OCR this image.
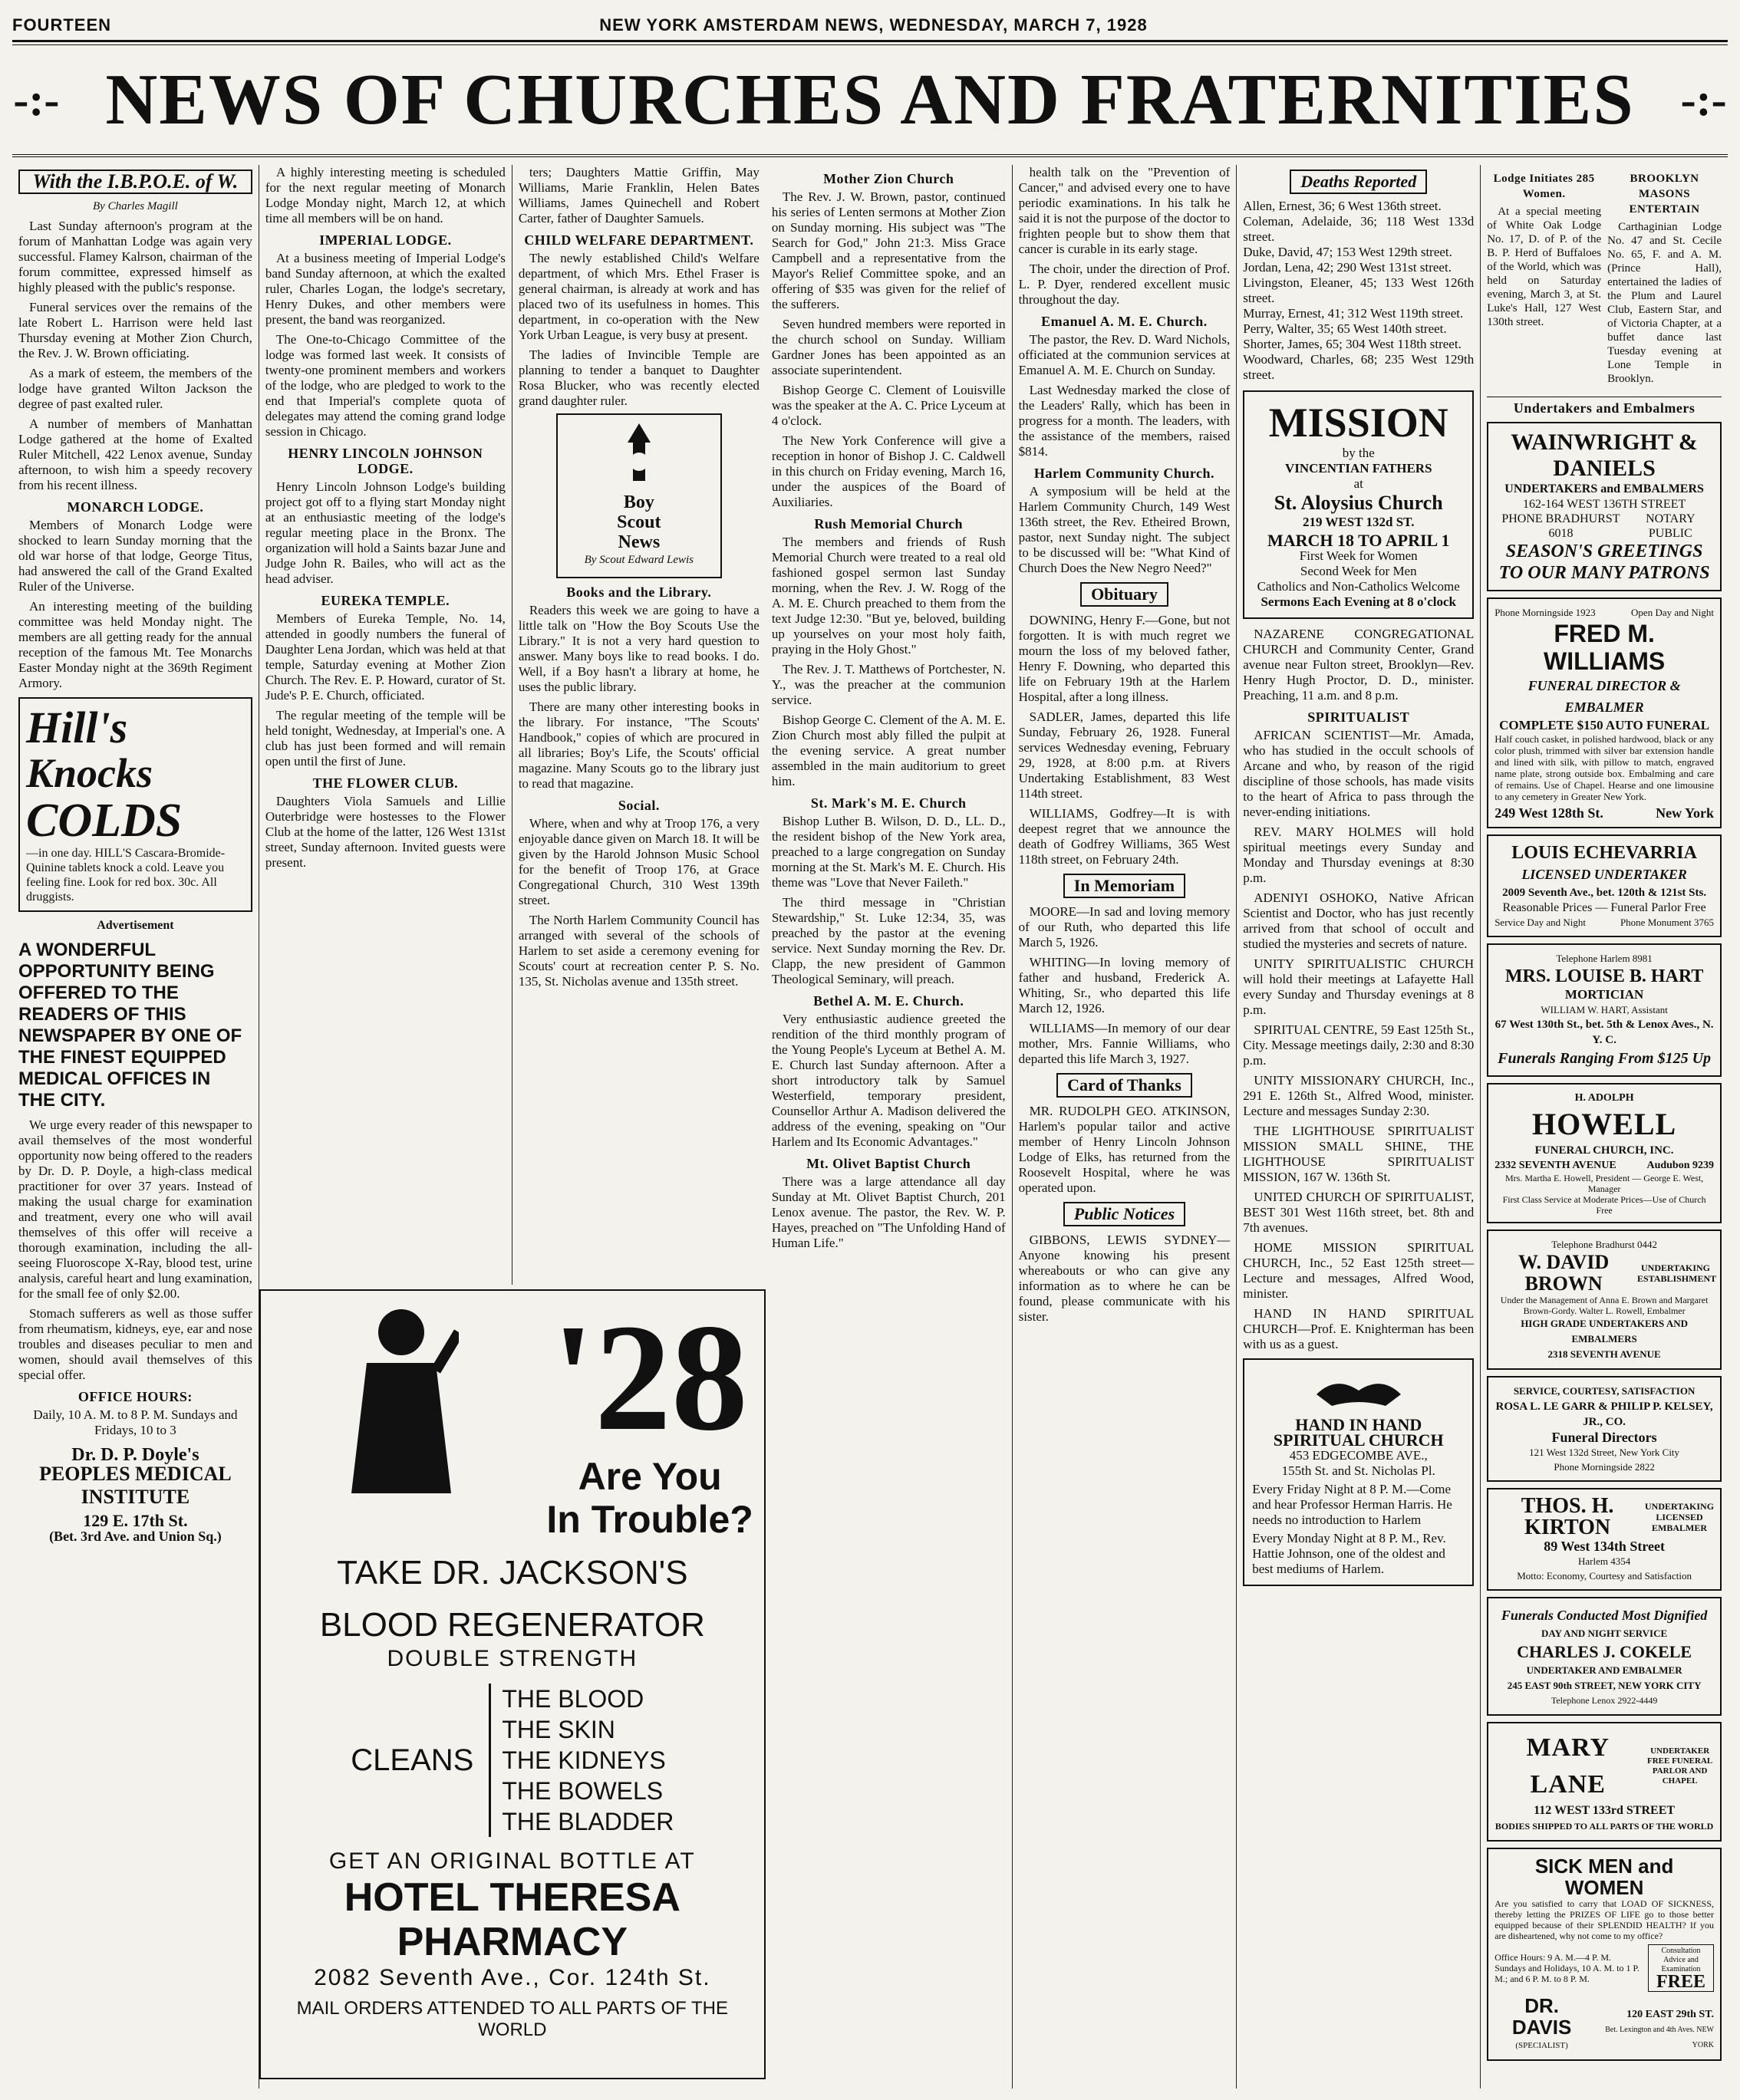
FOURTEEN	NEW YORK AMSTERDAM NEWS, WEDNESDAY, MARCH 7, 1928
-:- NEWS OF CHURCHES AND FRATERNITIES -:-
With the I.B.P.O.E. of W.
By Charles Magill

Last Sunday afternoon's program at the forum of Manhattan Lodge was again very successful. Flamey Kalrson, chairman of the forum committee, expressed himself as highly pleased with the public's response.

Funeral services over the remains of the late Robert L. Harrison were held last Thursday evening at Mother Zion Church, the Rev. J. W. Brown officiating.

As a mark of esteem, the members of the lodge have granted Wilton Jackson the degree of past exalted ruler.

A number of members of Manhattan Lodge gathered at the home of Exalted Ruler Mitchell, 422 Lenox avenue, Sunday afternoon, to wish him a speedy recovery from his recent illness.

MONARCH LODGE.

Members of Monarch Lodge were shocked to learn Sunday morning that the old war horse of that lodge, George Titus, had answered the call of the Grand Exalted Ruler of the Universe.

An interesting meeting of the building committee was held Monday night. The members are all getting ready for the annual reception of the famous Mt. Tee Monarchs Easter Monday night at the 369th Regiment Armory.

Hill's
Knocks
COLDS
—in one day. HILL'S Cascara-Bromide-Quinine tablets knock a cold. Leave you feeling fine. Look for red box. 30c. All druggists.
Advertisement
A WONDERFUL OPPORTUNITY BEING OFFERED TO THE READERS OF THIS NEWSPAPER BY ONE OF THE FINEST EQUIPPED MEDICAL OFFICES IN THE CITY.

We urge every reader of this newspaper to avail themselves of the most wonderful opportunity now being offered to the readers by Dr. D. P. Doyle, a high-class medical practitioner for over 37 years. Instead of making the usual charge for examination and treatment, every one who will avail themselves of this offer will receive a thorough examination, including the all-seeing Fluoroscope X-Ray, blood test, urine analysis, careful heart and lung examination, for the small fee of only $2.00.

Stomach sufferers as well as those suffer from rheumatism, kidneys, eye, ear and nose troubles and diseases peculiar to men and women, should avail themselves of this special offer.

OFFICE HOURS:
Daily, 10 A. M. to 8 P. M. Sundays and Fridays, 10 to 3
Dr. D. P. Doyle's
PEOPLES MEDICAL INSTITUTE
129 E. 17th St.
(Bet. 3rd Ave. and Union Sq.)

A highly interesting meeting is scheduled for the next regular meeting of Monarch Lodge Monday night, March 12, at which time all members will be on hand.

IMPERIAL LODGE.

At a business meeting of Imperial Lodge's band Sunday afternoon, at which the exalted ruler, Charles Logan, the lodge's secretary, Henry Dukes, and other members were present, the band was reorganized.

The One-to-Chicago Committee of the lodge was formed last week. It consists of twenty-one prominent members and workers of the lodge, who are pledged to work to the end that Imperial's complete quota of delegates may attend the coming grand lodge session in Chicago.

HENRY LINCOLN JOHNSON LODGE.

Henry Lincoln Johnson Lodge's building project got off to a flying start Monday night at an enthusiastic meeting of the lodge's regular meeting place in the Bronx. The organization will hold a Saints bazar June and Judge John R. Bailes, who will act as the head adviser.

EUREKA TEMPLE.

Members of Eureka Temple, No. 14, attended in goodly numbers the funeral of Daughter Lena Jordan, which was held at that temple, Saturday evening at Mother Zion Church. The Rev. E. P. Howard, curator of St. Jude's P. E. Church, officiated.

The regular meeting of the temple will be held tonight, Wednesday, at Imperial's one. A club has just been formed and will remain open until the first of June.

THE FLOWER CLUB.

Daughters Viola Samuels and Lillie Outerbridge were hostesses to the Flower Club at the home of the latter, 126 West 131st street, Sunday afternoon. Invited guests were present.

ters; Daughters Mattie Griffin, May Williams, Marie Franklin, Helen Bates Williams, James Quinechell and Robert Carter, father of Daughter Samuels.

CHILD WELFARE DEPARTMENT.

The newly established Child's Welfare department, of which Mrs. Ethel Fraser is general chairman, is already at work and has placed two of its usefulness in homes. This department, in co-operation with the New York Urban League, is very busy at present.

The ladies of Invincible Temple are planning to tender a banquet to Daughter Rosa Blucker, who was recently elected grand daughter ruler.

Boy
Scout
News
By Scout Edward Lewis
Books and the Library.

Readers this week we are going to have a little talk on "How the Boy Scouts Use the Library." It is not a very hard question to answer. Many boys like to read books. I do. Well, if a Boy hasn't a library at home, he uses the public library.

There are many other interesting books in the library. For instance, "The Scouts' Handbook," copies of which are procured in all libraries; Boy's Life, the Scouts' official magazine. Many Scouts go to the library just to read that magazine.

Social.

Where, when and why at Troop 176, a very enjoyable dance given on March 18. It will be given by the Harold Johnson Music School for the benefit of Troop 176, at Grace Congregational Church, 310 West 139th street.

The North Harlem Community Council has arranged with several of the schools of Harlem to set aside a ceremony evening for Scouts' court at recreation center P. S. No. 135, St. Nicholas avenue and 135th street.

'28
Are You
In Trouble?
TAKE DR. JACKSON'S
BLOOD REGENERATOR
DOUBLE STRENGTH
CLEANS
THE BLOOD
THE SKIN
THE KIDNEYS
THE BOWELS
THE BLADDER
GET AN ORIGINAL BOTTLE AT
HOTEL THERESA PHARMACY
2082 Seventh Ave., Cor. 124th St.
MAIL ORDERS ATTENDED TO ALL PARTS OF THE WORLD
Mother Zion Church

The Rev. J. W. Brown, pastor, continued his series of Lenten sermons at Mother Zion on Sunday morning. His subject was "The Search for God," John 21:3. Miss Grace Campbell and a representative from the Mayor's Relief Committee spoke, and an offering of $35 was given for the relief of the sufferers.

Seven hundred members were reported in the church school on Sunday. William Gardner Jones has been appointed as an associate superintendent.

Bishop George C. Clement of Louisville was the speaker at the A. C. Price Lyceum at 4 o'clock.

The New York Conference will give a reception in honor of Bishop J. C. Caldwell in this church on Friday evening, March 16, under the auspices of the Board of Auxiliaries.

Rush Memorial Church

The members and friends of Rush Memorial Church were treated to a real old fashioned gospel sermon last Sunday morning, when the Rev. J. W. Rogg of the A. M. E. Church preached to them from the text Judge 12:30. "But ye, beloved, building up yourselves on your most holy faith, praying in the Holy Ghost."

The Rev. J. T. Matthews of Portchester, N. Y., was the preacher at the communion service.

Bishop George C. Clement of the A. M. E. Zion Church most ably filled the pulpit at the evening service. A great number assembled in the main auditorium to greet him.

St. Mark's M. E. Church

Bishop Luther B. Wilson, D. D., LL. D., the resident bishop of the New York area, preached to a large congregation on Sunday morning at the St. Mark's M. E. Church. His theme was "Love that Never Faileth."

The third message in "Christian Stewardship," St. Luke 12:34, 35, was preached by the pastor at the evening service. Next Sunday morning the Rev. Dr. Clapp, the new president of Gammon Theological Seminary, will preach.

Bethel A. M. E. Church.

Very enthusiastic audience greeted the rendition of the third monthly program of the Young People's Lyceum at Bethel A. M. E. Church last Sunday afternoon. After a short introductory talk by Samuel Westerfield, temporary president, Counsellor Arthur A. Madison delivered the address of the evening, speaking on "Our Harlem and Its Economic Advantages."

Mt. Olivet Baptist Church

There was a large attendance all day Sunday at Mt. Olivet Baptist Church, 201 Lenox avenue. The pastor, the Rev. W. P. Hayes, preached on "The Unfolding Hand of Human Life."

health talk on the "Prevention of Cancer," and advised every one to have periodic examinations. In his talk he said it is not the purpose of the doctor to frighten people but to show them that cancer is curable in its early stage.

The choir, under the direction of Prof. L. P. Dyer, rendered excellent music throughout the day.

Emanuel A. M. E. Church.

The pastor, the Rev. D. Ward Nichols, officiated at the communion services at Emanuel A. M. E. Church on Sunday.

Last Wednesday marked the close of the Leaders' Rally, which has been in progress for a month. The leaders, with the assistance of the members, raised $814.

Harlem Community Church.

A symposium will be held at the Harlem Community Church, 149 West 136th street, the Rev. Etheired Brown, pastor, next Sunday night. The subject to be discussed will be: "What Kind of Church Does the New Negro Need?"

Obituary

DOWNING, Henry F.—Gone, but not forgotten. It is with much regret we mourn the loss of my beloved father, Henry F. Downing, who departed this life on February 19th at the Harlem Hospital, after a long illness.

SADLER, James, departed this life Sunday, February 26, 1928. Funeral services Wednesday evening, February 29, 1928, at 8:00 p.m. at Rivers Undertaking Establishment, 83 West 114th street.

WILLIAMS, Godfrey—It is with deepest regret that we announce the death of Godfrey Williams, 365 West 118th street, on February 24th.

In Memoriam

MOORE—In sad and loving memory of our Ruth, who departed this life March 5, 1926.

WHITING—In loving memory of father and husband, Frederick A. Whiting, Sr., who departed this life March 12, 1926.

WILLIAMS—In memory of our dear mother, Mrs. Fannie Williams, who departed this life March 3, 1927.

Card of Thanks

MR. RUDOLPH GEO. ATKINSON, Harlem's popular tailor and active member of Henry Lincoln Johnson Lodge of Elks, has returned from the Roosevelt Hospital, where he was operated upon.

Public Notices

GIBBONS, LEWIS SYDNEY—Anyone knowing his present whereabouts or who can give any information as to where he can be found, please communicate with his sister.

Deaths Reported
Allen, Ernest, 36; 6 West 136th street.
Coleman, Adelaide, 36; 118 West 133d street.
Duke, David, 47; 153 West 129th street.
Jordan, Lena, 42; 290 West 131st street.
Livingston, Eleaner, 45; 133 West 126th street.
Murray, Ernest, 41; 312 West 119th street.
Perry, Walter, 35; 65 West 140th street.
Shorter, James, 65; 304 West 118th street.
Woodward, Charles, 68; 235 West 129th street.
MISSION
by the
VINCENTIAN FATHERS
at
St. Aloysius Church
219 WEST 132d ST.
MARCH 18 TO APRIL 1
First Week for Women
Second Week for Men
Catholics and Non-Catholics Welcome
Sermons Each Evening at 8 o'clock

NAZARENE CONGREGATIONAL CHURCH and Community Center, Grand avenue near Fulton street, Brooklyn—Rev. Henry Hugh Proctor, D. D., minister. Preaching, 11 a.m. and 8 p.m.

SPIRITUALIST

AFRICAN SCIENTIST—Mr. Amada, who has studied in the occult schools of Arcane and who, by reason of the rigid discipline of those schools, has made visits to the heart of Africa to pass through the never-ending initiations.

REV. MARY HOLMES will hold spiritual meetings every Sunday and Monday and Thursday evenings at 8:30 p.m.

ADENIYI OSHOKO, Native African Scientist and Doctor, who has just recently arrived from that school of occult and studied the mysteries and secrets of nature.

UNITY SPIRITUALISTIC CHURCH will hold their meetings at Lafayette Hall every Sunday and Thursday evenings at 8 p.m.

SPIRITUAL CENTRE, 59 East 125th St., City. Message meetings daily, 2:30 and 8:30 p.m.

UNITY MISSIONARY CHURCH, Inc., 291 E. 126th St., Alfred Wood, minister. Lecture and messages Sunday 2:30.

THE LIGHTHOUSE SPIRITUALIST MISSION SMALL SHINE, THE LIGHTHOUSE SPIRITUALIST MISSION, 167 W. 136th St.

UNITED CHURCH OF SPIRITUALIST, BEST 301 West 116th street, bet. 8th and 7th avenues.

HOME MISSION SPIRITUAL CHURCH, Inc., 52 East 125th street—Lecture and messages, Alfred Wood, minister.

HAND IN HAND SPIRITUAL CHURCH—Prof. E. Knighterman has been with us as a guest.

HAND IN HAND
SPIRITUAL CHURCH
453 EDGECOMBE AVE.,
155th St. and St. Nicholas Pl.
Every Friday Night at 8 P. M.—Come and hear Professor Herman Harris. He needs no introduction to Harlem
Every Monday Night at 8 P. M., Rev. Hattie Johnson, one of the oldest and best mediums of Harlem.
Lodge Initiates 285 Women.

At a special meeting of White Oak Lodge No. 17, D. of P. of the B. P. Herd of Buffaloes of the World, which was held on Saturday evening, March 3, at St. Luke's Hall, 127 West 130th street.

BROOKLYN MASONS ENTERTAIN

Carthaginian Lodge No. 47 and St. Cecile No. 65, F. and A. M. (Prince Hall), entertained the ladies of the Plum and Laurel Club, Eastern Star, and of Victoria Chapter, at a buffet dance last Tuesday evening at Lone Temple in Brooklyn.

Undertakers and Embalmers
WAINWRIGHT & DANIELS
UNDERTAKERS and EMBALMERS
162-164 WEST 136TH STREET
PHONE BRADHURST 6018
NOTARY PUBLIC
SEASON'S GREETINGS
TO OUR MANY PATRONS
Phone Morningside 1923	Open Day and Night
FRED M. WILLIAMS
FUNERAL DIRECTOR & EMBALMER
COMPLETE $150 AUTO FUNERAL
Half couch casket, in polished hardwood, black or any color plush, trimmed with silver bar extension handle and lined with silk, with pillow to match, engraved name plate, strong outside box. Embalming and care of remains. Use of Chapel. Hearse and one limousine to any cemetery in Greater New York.
249 West 128th St.	New York
LOUIS ECHEVARRIA
LICENSED UNDERTAKER
2009 Seventh Ave., bet. 120th & 121st Sts.
Reasonable Prices — Funeral Parlor Free
Service Day and Night	Phone Monument 3765
Telephone Harlem 8981
MRS. LOUISE B. HART
MORTICIAN
WILLIAM W. HART, Assistant
67 West 130th St., bet. 5th & Lenox Aves., N. Y. C.
Funerals Ranging From $125 Up
H. ADOLPH
HOWELL
FUNERAL CHURCH, INC.
2332 SEVENTH AVENUE	Audubon 9239
Mrs. Martha E. Howell, President — George E. West, Manager
First Class Service at Moderate Prices—Use of Church Free
Telephone Bradhurst 0442
W. DAVID BROWN
UNDERTAKING ESTABLISHMENT
Under the Management of Anna E. Brown and Margaret Brown-Gordy. Walter L. Rowell, Embalmer
HIGH GRADE UNDERTAKERS AND EMBALMERS
2318 SEVENTH AVENUE
SERVICE, COURTESY, SATISFACTION
ROSA L. LE GARR & PHILIP P. KELSEY, JR., CO.
Funeral Directors
121 West 132d Street, New York City
Phone Morningside 2822
THOS. H. KIRTON
UNDERTAKING LICENSED EMBALMER
89 West 134th Street
Harlem 4354
Motto: Economy, Courtesy and Satisfaction
Funerals Conducted Most Dignified
DAY AND NIGHT SERVICE
CHARLES J. COKELE
UNDERTAKER AND EMBALMER
245 EAST 90th STREET, NEW YORK CITY
Telephone Lenox 2922-4449
MARY LANE
UNDERTAKER FREE FUNERAL PARLOR AND CHAPEL
112 WEST 133rd STREET
BODIES SHIPPED TO ALL PARTS OF THE WORLD
SICK MEN and WOMEN
Are you satisfied to carry that LOAD OF SICKNESS, thereby letting the PRIZES OF LIFE go to those better equipped because of their SPLENDID HEALTH? If you are disheartened, why not come to my office?
Office Hours: 9 A. M.—4 P. M. Sundays and Holidays, 10 A. M. to 1 P. M.; and 6 P. M. to 8 P. M.
Consultation Advice and Examination
FREE
DR. DAVIS
(SPECIALIST)
120 EAST 29th ST.
Bet. Lexington and 4th Aves. NEW YORK
